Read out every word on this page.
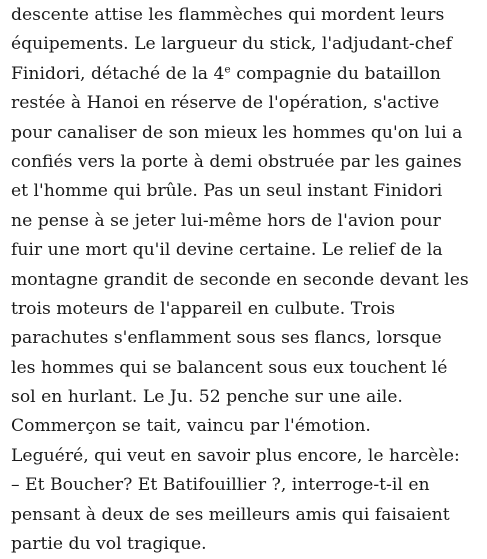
descente attise les flammèches qui mordent leurs
équipements. Le largueur du stick, l'adjudant-chef
Finidori, détaché de la 4e compagnie du bataillon
restée à Hanoi en réserve de l'opération, s'active
pour canaliser de son mieux les hommes qu'on lui a
confiés vers la porte à demi obstruée par les gaines
et l'homme qui brûle. Pas un seul instant Finidori
ne pense à se jeter lui-même hors de l'avion pour
fuir une mort qu'il devine certaine. Le relief de la
montagne grandit de seconde en seconde devant les
trois moteurs de l'appareil en culbute. Trois
parachutes s'enflamment sous ses flancs, lorsque
les hommes qui se balancent sous eux touchent lé
sol en hurlant. Le Ju. 52 penche sur une aile.
Commerçon se tait, vaincu par l'émotion.
Leguéré, qui veut en savoir plus encore, le harcèle:
– Et Boucher? Et Batifouillier ?, interroge-t-il en
pensant à deux de ses meilleurs amis qui faisaient
partie du vol tragique.
